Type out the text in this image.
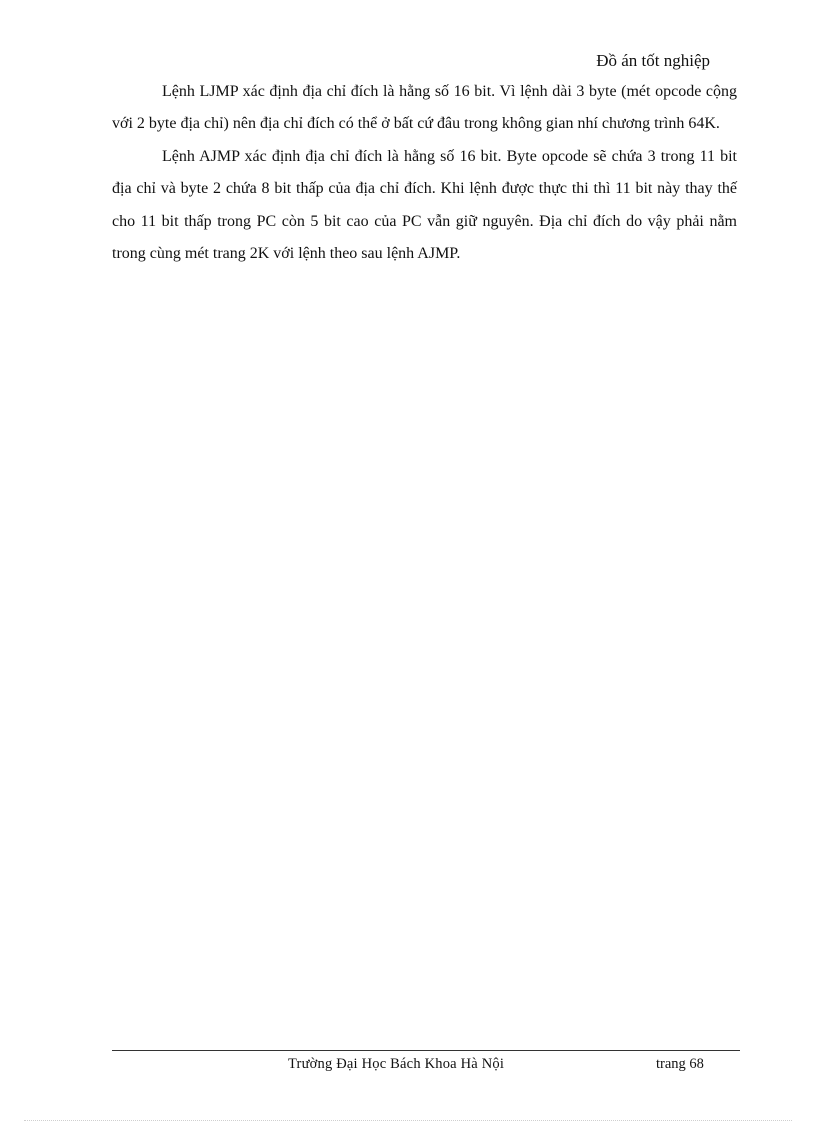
Đồ án tốt nghiệp

Lệnh LJMP xác định địa chỉ đích là hằng số 16 bit. Vì lệnh dài 3 byte (mét opcode cộng với 2 byte địa chỉ) nên địa chỉ đích có thể ở bất cứ đâu trong không gian nhí chương trình 64K.

Lệnh AJMP xác định địa chỉ đích là hằng số 16 bit. Byte opcode sẽ chứa 3 trong 11 bit địa chỉ và byte 2 chứa 8 bit thấp của địa chỉ đích. Khi lệnh được thực thi thì 11 bit này thay thế cho 11 bit thấp trong PC còn 5 bit cao của PC vẫn giữ nguyên. Địa chỉ đích do vậy phải nằm trong cùng mét trang 2K với lệnh theo sau lệnh AJMP.

Trường Đại Học Bách Khoa Hà Nội	trang 68
